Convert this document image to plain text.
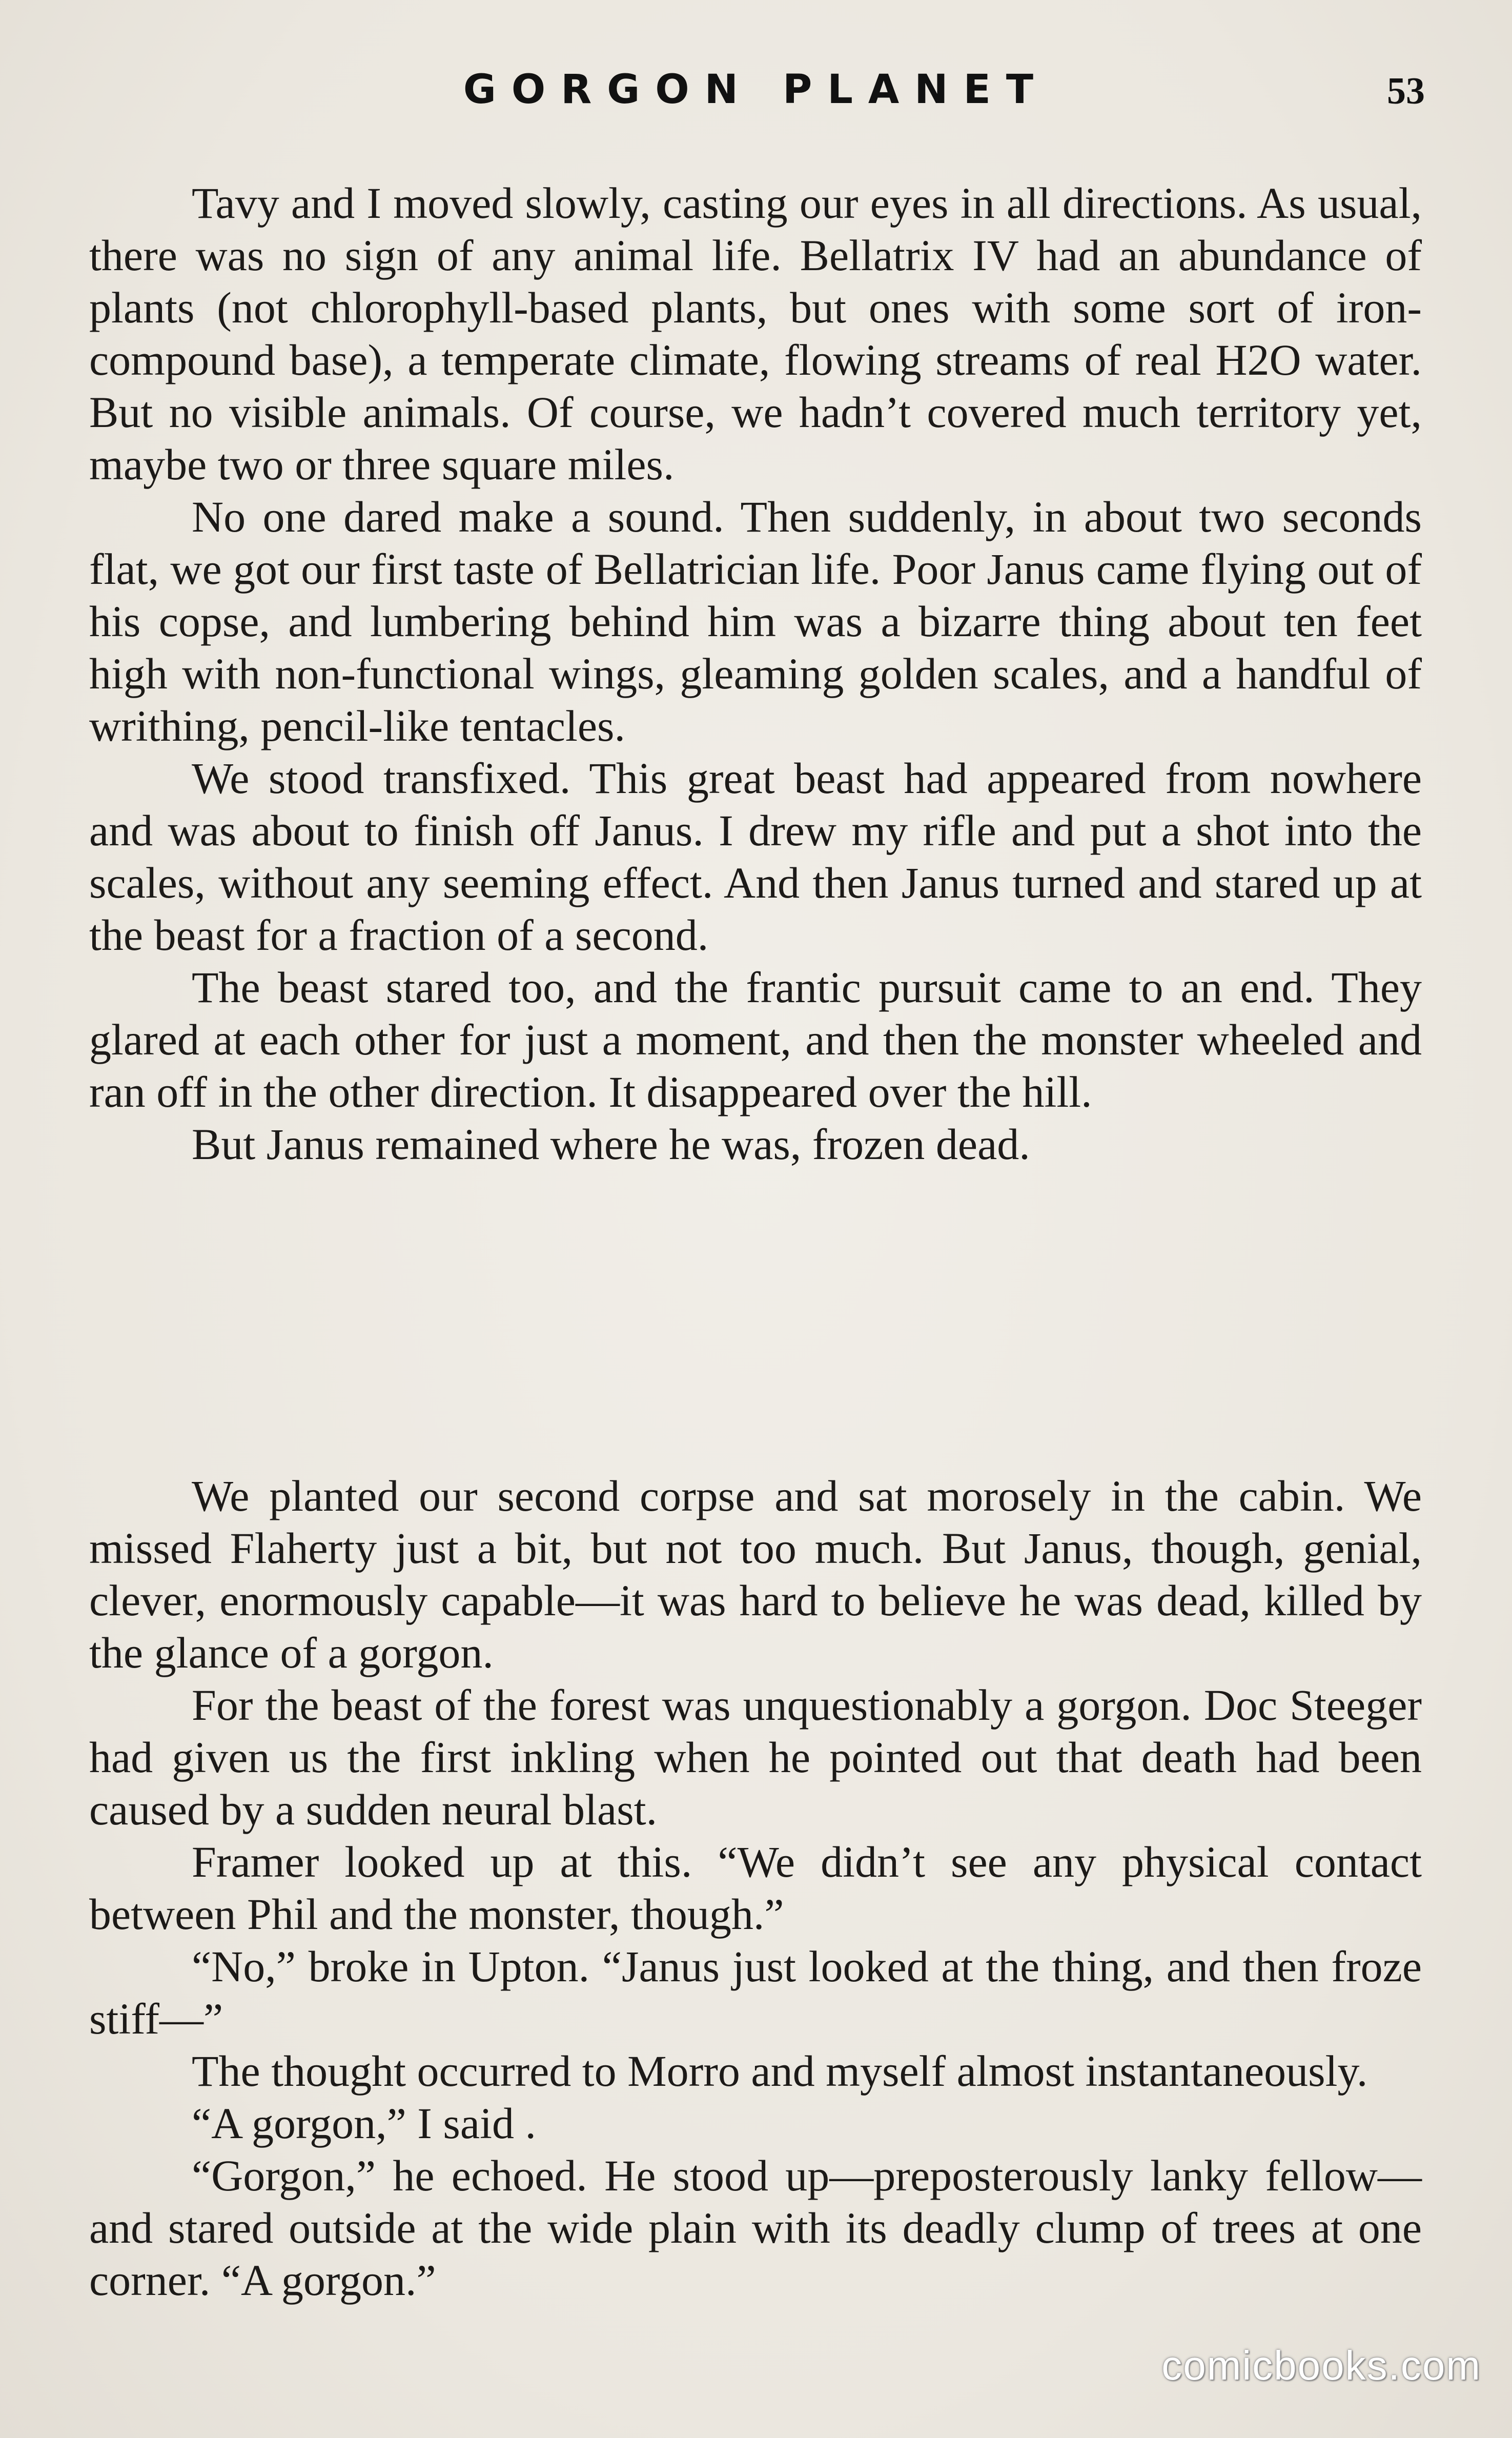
GORGON PLANET	53

Tavy and I moved slowly, casting our eyes in all directions. As usual, there was no sign of any animal life. Bellatrix IV had an abundance of plants (not chlorophyll-based plants, but ones with some sort of iron-compound base), a temperate climate, flowing streams of real H2O water. But no visible animals. Of course, we hadn’t covered much territory yet, maybe two or three square miles.

No one dared make a sound. Then suddenly, in about two seconds flat, we got our first taste of Bellatrician life. Poor Janus came flying out of his copse, and lumbering behind him was a bizarre thing about ten feet high with non-functional wings, gleaming golden scales, and a handful of writhing, pencil-like tentacles.

We stood transfixed. This great beast had appeared from nowhere and was about to finish off Janus. I drew my rifle and put a shot into the scales, without any seeming effect. And then Janus turned and stared up at the beast for a fraction of a second.

The beast stared too, and the frantic pursuit came to an end. They glared at each other for just a moment, and then the monster wheeled and ran off in the other direction. It disappeared over the hill.

But Janus remained where he was, frozen dead.

We planted our second corpse and sat morosely in the cabin. We missed Flaherty just a bit, but not too much. But Janus, though, genial, clever, enormously capable—it was hard to believe he was dead, killed by the glance of a gorgon.

For the beast of the forest was unquestionably a gorgon. Doc Steeger had given us the first inkling when he pointed out that death had been caused by a sudden neural blast.

Framer looked up at this. “We didn’t see any physical contact between Phil and the monster, though.”

“No,” broke in Upton. “Janus just looked at the thing, and then froze stiff—”

The thought occurred to Morro and myself almost instantaneously.

“A gorgon,” I said .

“Gorgon,” he echoed. He stood up—preposterously lanky fellow—and stared outside at the wide plain with its deadly clump of trees at one corner. “A gorgon.”

comicbooks.com
